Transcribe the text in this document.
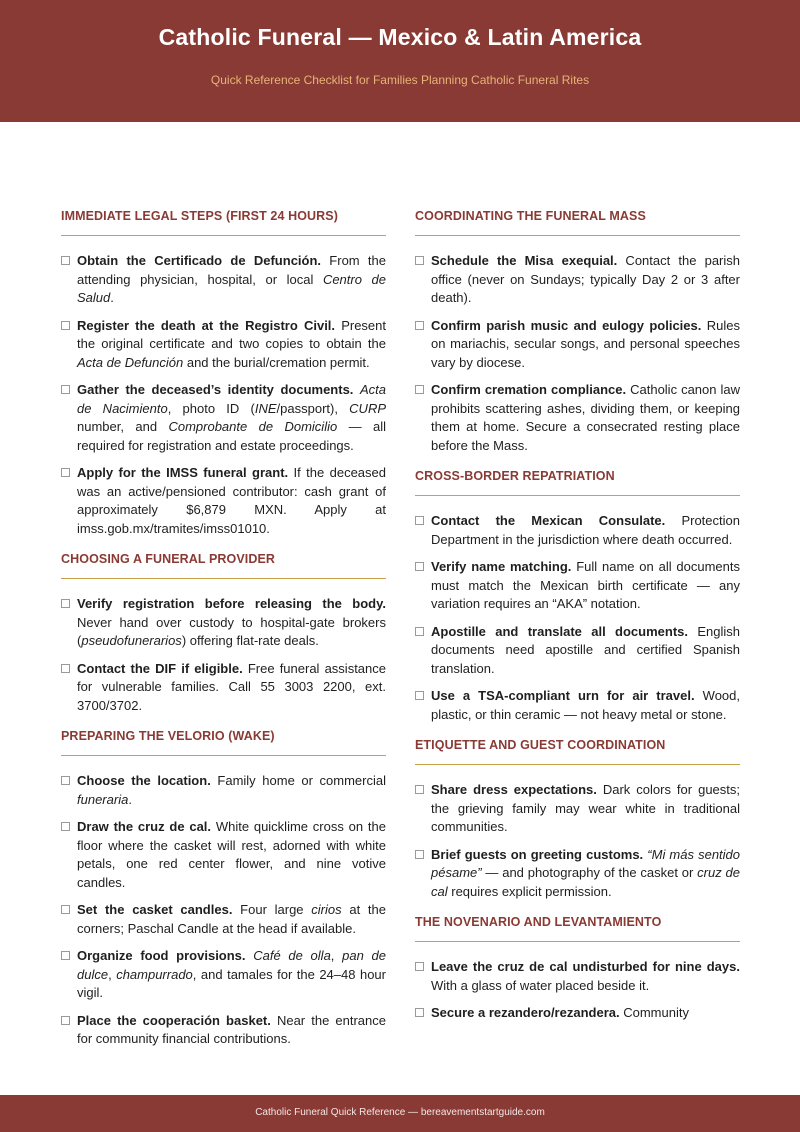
Catholic Funeral — Mexico & Latin America
Quick Reference Checklist for Families Planning Catholic Funeral Rites
IMMEDIATE LEGAL STEPS (FIRST 24 HOURS)
Obtain the Certificado de Defunción. From the attending physician, hospital, or local Centro de Salud.
Register the death at the Registro Civil. Present the original certificate and two copies to obtain the Acta de Defunción and the burial/cremation permit.
Gather the deceased’s identity documents. Acta de Nacimiento, photo ID (INE/passport), CURP number, and Comprobante de Domicilio — all required for registration and estate proceedings.
Apply for the IMSS funeral grant. If the deceased was an active/pensioned contributor: cash grant of approximately $6,879 MXN. Apply at imss.gob.mx/tramites/imss01010.
CHOOSING A FUNERAL PROVIDER
Verify registration before releasing the body. Never hand over custody to hospital-gate brokers (pseudofunerarios) offering flat-rate deals.
Contact the DIF if eligible. Free funeral assistance for vulnerable families. Call 55 3003 2200, ext. 3700/3702.
PREPARING THE VELORIO (WAKE)
Choose the location. Family home or commercial funeraria.
Draw the cruz de cal. White quicklime cross on the floor where the casket will rest, adorned with white petals, one red center flower, and nine votive candles.
Set the casket candles. Four large cirios at the corners; Paschal Candle at the head if available.
Organize food provisions. Café de olla, pan de dulce, champurrado, and tamales for the 24–48 hour vigil.
Place the cooperación basket. Near the entrance for community financial contributions.
COORDINATING THE FUNERAL MASS
Schedule the Misa exequial. Contact the parish office (never on Sundays; typically Day 2 or 3 after death).
Confirm parish music and eulogy policies. Rules on mariachis, secular songs, and personal speeches vary by diocese.
Confirm cremation compliance. Catholic canon law prohibits scattering ashes, dividing them, or keeping them at home. Secure a consecrated resting place before the Mass.
CROSS-BORDER REPATRIATION
Contact the Mexican Consulate. Protection Department in the jurisdiction where death occurred.
Verify name matching. Full name on all documents must match the Mexican birth certificate — any variation requires an “AKA” notation.
Apostille and translate all documents. English documents need apostille and certified Spanish translation.
Use a TSA-compliant urn for air travel. Wood, plastic, or thin ceramic — not heavy metal or stone.
ETIQUETTE AND GUEST COORDINATION
Share dress expectations. Dark colors for guests; the grieving family may wear white in traditional communities.
Brief guests on greeting customs. “Mi más sentido pésame” — and photography of the casket or cruz de cal requires explicit permission.
THE NOVENARIO AND LEVANTAMIENTO
Leave the cruz de cal undisturbed for nine days. With a glass of water placed beside it.
Secure a rezandero/rezandera. Community
Catholic Funeral Quick Reference — bereavementstartguide.com
